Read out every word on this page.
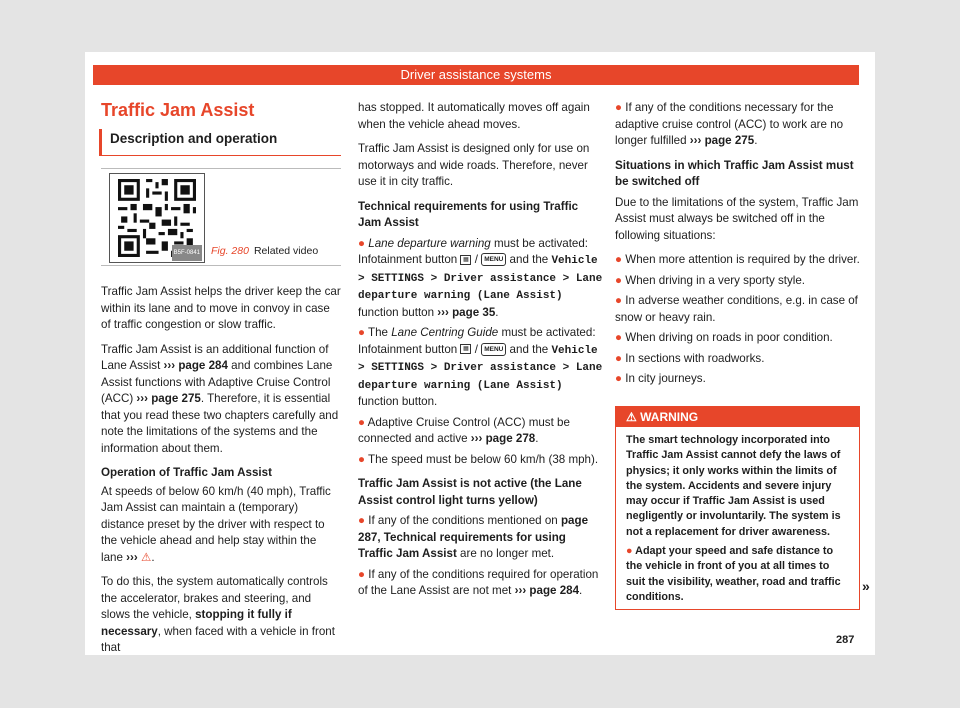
Driver assistance systems
Traffic Jam Assist
Description and operation
B5F-0841 Fig. 280 Related video

Traffic Jam Assist helps the driver keep the car within its lane and to move in convoy in case of traffic congestion or slow traffic.

Traffic Jam Assist is an additional function of Lane Assist ››› page 284 and combines Lane Assist functions with Adaptive Cruise Control (ACC) ››› page 275. Therefore, it is essential that you read these two chapters carefully and note the limitations of the systems and the information about them.

Operation of Traffic Jam Assist

At speeds of below 60 km/h (40 mph), Traffic Jam Assist can maintain a (temporary) distance preset by the driver with respect to the vehicle ahead and help stay within the lane ››› ⚠.

To do this, the system automatically controls the accelerator, brakes and steering, and slows the vehicle, stopping it fully if necessary, when faced with a vehicle in front that

has stopped. It automatically moves off again when the vehicle ahead moves.

Traffic Jam Assist is designed only for use on motorways and wide roads. Therefore, never use it in city traffic.

Technical requirements for using Traffic Jam Assist

● Lane departure warning must be activated: Infotainment button ▦ / MENU and the Vehicle > SETTINGS > Driver assistance > Lane departure warning (Lane Assist) function button ››› page 35.

● The Lane Centring Guide must be activated: Infotainment button ▦ / MENU and the Vehicle > SETTINGS > Driver assistance > Lane departure warning (Lane Assist) function button.

● Adaptive Cruise Control (ACC) must be connected and active ››› page 278.

● The speed must be below 60 km/h (38 mph).

Traffic Jam Assist is not active (the Lane Assist control light turns yellow)

● If any of the conditions mentioned on page 287, Technical requirements for using Traffic Jam Assist are no longer met.

● If any of the conditions required for operation of the Lane Assist are not met ››› page 284.

● If any of the conditions necessary for the adaptive cruise control (ACC) to work are no longer fulfilled ››› page 275.

Situations in which Traffic Jam Assist must be switched off

Due to the limitations of the system, Traffic Jam Assist must always be switched off in the following situations:

● When more attention is required by the driver.

● When driving in a very sporty style.

● In adverse weather conditions, e.g. in case of snow or heavy rain.

● When driving on roads in poor condition.

● In sections with roadworks.

● In city journeys.

⚠ WARNING
The smart technology incorporated into Traffic Jam Assist cannot defy the laws of physics; it only works within the limits of the system. Accidents and severe injury may occur if Traffic Jam Assist is used negligently or involuntarily. The system is not a replacement for driver awareness.
● Adapt your speed and safe distance to the vehicle in front of you at all times to suit the visibility, weather, road and traffic conditions.
»
287
